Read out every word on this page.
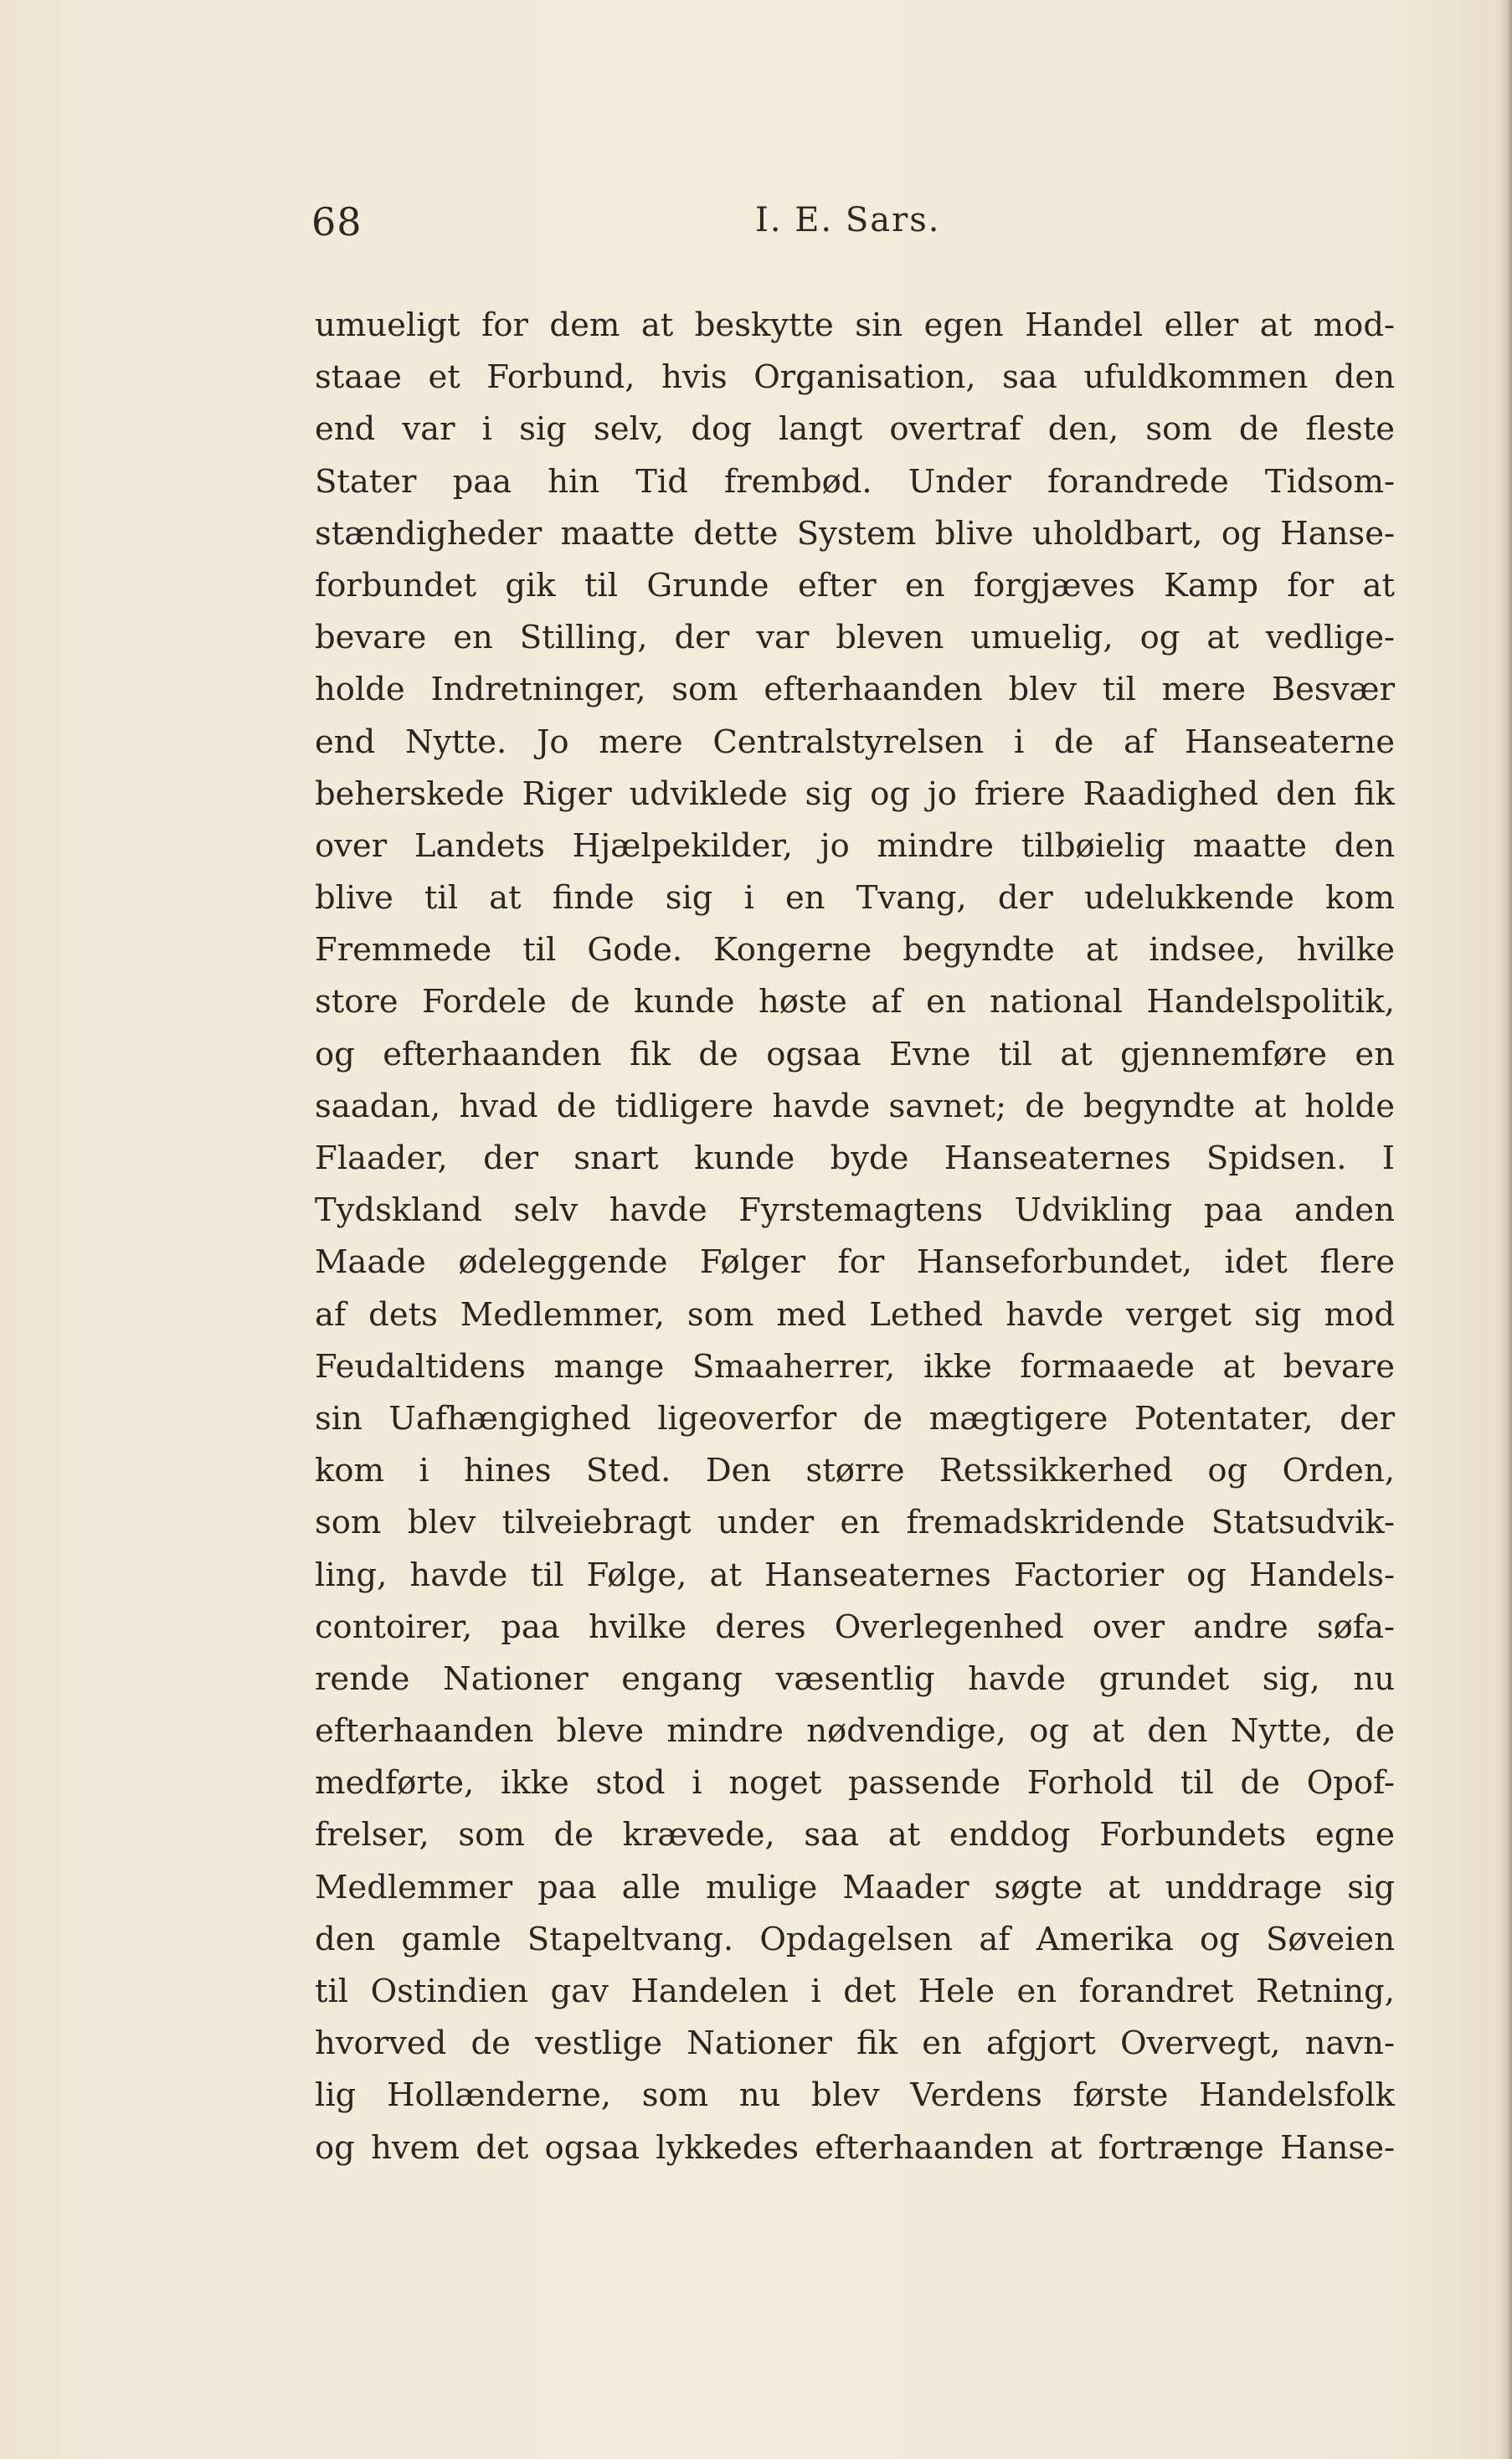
68	I. E. Sars.
umueligt for dem at beskytte sin egen Handel eller at mod-
staae et Forbund, hvis Organisation, saa ufuldkommen den
end var i sig selv, dog langt overtraf den, som de fleste
Stater paa hin Tid frembød. Under forandrede Tidsom-
stændigheder maatte dette System blive uholdbart, og Hanse-
forbundet gik til Grunde efter en forgjæves Kamp for at
bevare en Stilling, der var bleven umuelig, og at vedlige-
holde Indretninger, som efterhaanden blev til mere Besvær
end Nytte. Jo mere Centralstyrelsen i de af Hanseaterne
beherskede Riger udviklede sig og jo friere Raadighed den fik
over Landets Hjælpekilder, jo mindre tilbøielig maatte den
blive til at finde sig i en Tvang, der udelukkende kom
Fremmede til Gode. Kongerne begyndte at indsee, hvilke
store Fordele de kunde høste af en national Handelspolitik,
og efterhaanden fik de ogsaa Evne til at gjennemføre en
saadan, hvad de tidligere havde savnet; de begyndte at holde
Flaader, der snart kunde byde Hanseaternes Spidsen. I
Tydskland selv havde Fyrstemagtens Udvikling paa anden
Maade ødeleggende Følger for Hanseforbundet, idet flere
af dets Medlemmer, som med Lethed havde verget sig mod
Feudaltidens mange Smaaherrer, ikke formaaede at bevare
sin Uafhængighed ligeoverfor de mægtigere Potentater, der
kom i hines Sted. Den større Retssikkerhed og Orden,
som blev tilveiebragt under en fremadskridende Statsudvik-
ling, havde til Følge, at Hanseaternes Factorier og Handels-
contoirer, paa hvilke deres Overlegenhed over andre søfa-
rende Nationer engang væsentlig havde grundet sig, nu
efterhaanden bleve mindre nødvendige, og at den Nytte, de
medførte, ikke stod i noget passende Forhold til de Opof-
frelser, som de krævede, saa at enddog Forbundets egne
Medlemmer paa alle mulige Maader søgte at unddrage sig
den gamle Stapeltvang. Opdagelsen af Amerika og Søveien
til Ostindien gav Handelen i det Hele en forandret Retning,
hvorved de vestlige Nationer fik en afgjort Overvegt, navn-
lig Hollænderne, som nu blev Verdens første Handelsfolk
og hvem det ogsaa lykkedes efterhaanden at fortrænge Hanse-
